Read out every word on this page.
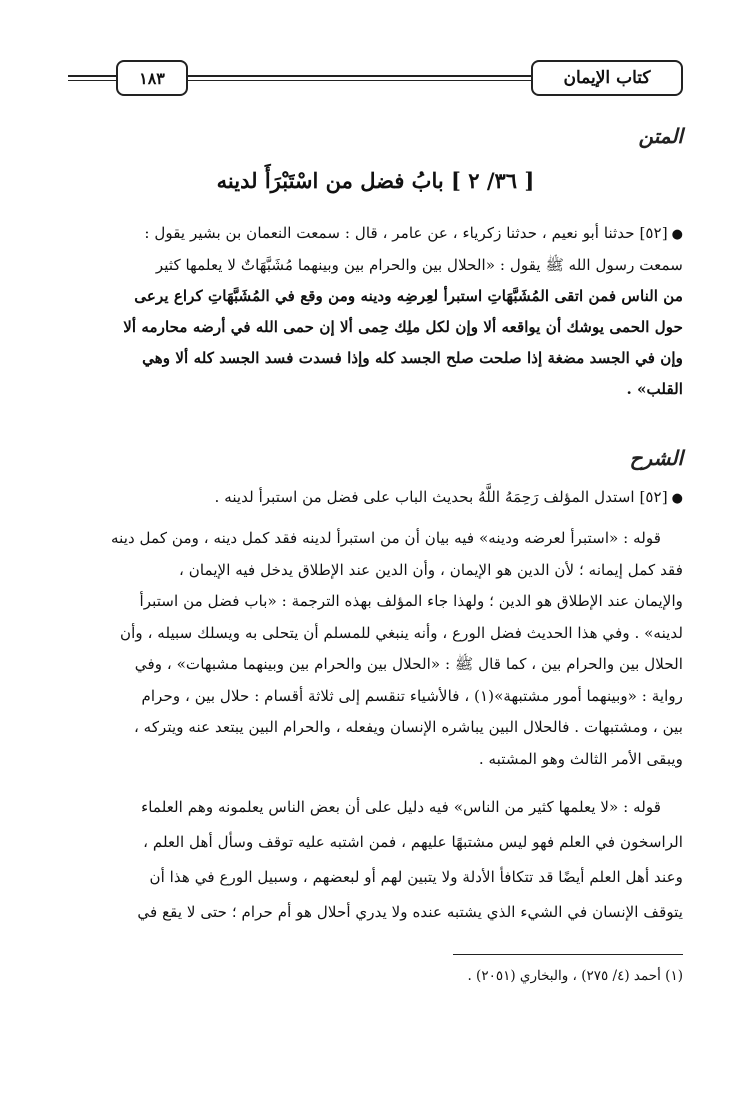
كتاب الإيمان
١٨٣
المتن
[ ٣٦/ ٢ ] بابُ فضل من اسْتَبْرَأَ لدينه

●[٥٢] حدثنا أبو نعيم ، حدثنا زكرياء ، عن عامر ، قال : سمعت النعمان بن بشير يقول :

سمعت رسول الله ﷺ يقول : «الحلال بين والحرام بين وبينهما مُشَبَّهَاتٌ لا يعلمها كثير

من الناس فمن اتقى المُشَبَّهَاتِ استبرأ لعِرضِه ودينه ومن وقع في المُشَبَّهَاتِ كراع يرعى

حول الحمى يوشك أن يواقعه ألا وإن لكل ملِك حِمى ألا إن حمى الله في أرضه محارمه ألا

وإن في الجسد مضغة إذا صلحت صلح الجسد كله وإذا فسدت فسد الجسد كله ألا وهي

القلب» .

الشرح

●[٥٢] استدل المؤلف رَحِمَهُ اللَّهُ بحديث الباب على فضل من استبرأ لدينه .

قوله : «استبرأ لعرضه ودينه» فيه بيان أن من استبرأ لدينه فقد كمل دينه ، ومن كمل دينه

فقد كمل إيمانه ؛ لأن الدين هو الإيمان ، وأن الدين عند الإطلاق يدخل فيه الإيمان ،

والإيمان عند الإطلاق هو الدين ؛ ولهذا جاء المؤلف بهذه الترجمة : «باب فضل من استبرأ

لدينه» . وفي هذا الحديث فضل الورع ، وأنه ينبغي للمسلم أن يتحلى به ويسلك سبيله ، وأن

الحلال بين والحرام بين ، كما قال ﷺ : «الحلال بين والحرام بين وبينهما مشبهات» ، وفي

رواية : «وبينهما أمور مشتبهة»(١) ، فالأشياء تنقسم إلى ثلاثة أقسام : حلال بين ، وحرام

بين ، ومشتبهات . فالحلال البين يباشره الإنسان ويفعله ، والحرام البين يبتعد عنه ويتركه ،

ويبقى الأمر الثالث وهو المشتبه .

قوله : «لا يعلمها كثير من الناس» فيه دليل على أن بعض الناس يعلمونه وهم العلماء

الراسخون في العلم فهو ليس مشتبهًا عليهم ، فمن اشتبه عليه توقف وسأل أهل العلم ،

وعند أهل العلم أيضًا قد تتكافأ الأدلة ولا يتبين لهم أو لبعضهم ، وسبيل الورع في هذا أن

يتوقف الإنسان في الشيء الذي يشتبه عنده ولا يدري أحلال هو أم حرام ؛ حتى لا يقع في

(١) أحمد (٤/ ٢٧٥) ، والبخاري (٢٠٥١) .
